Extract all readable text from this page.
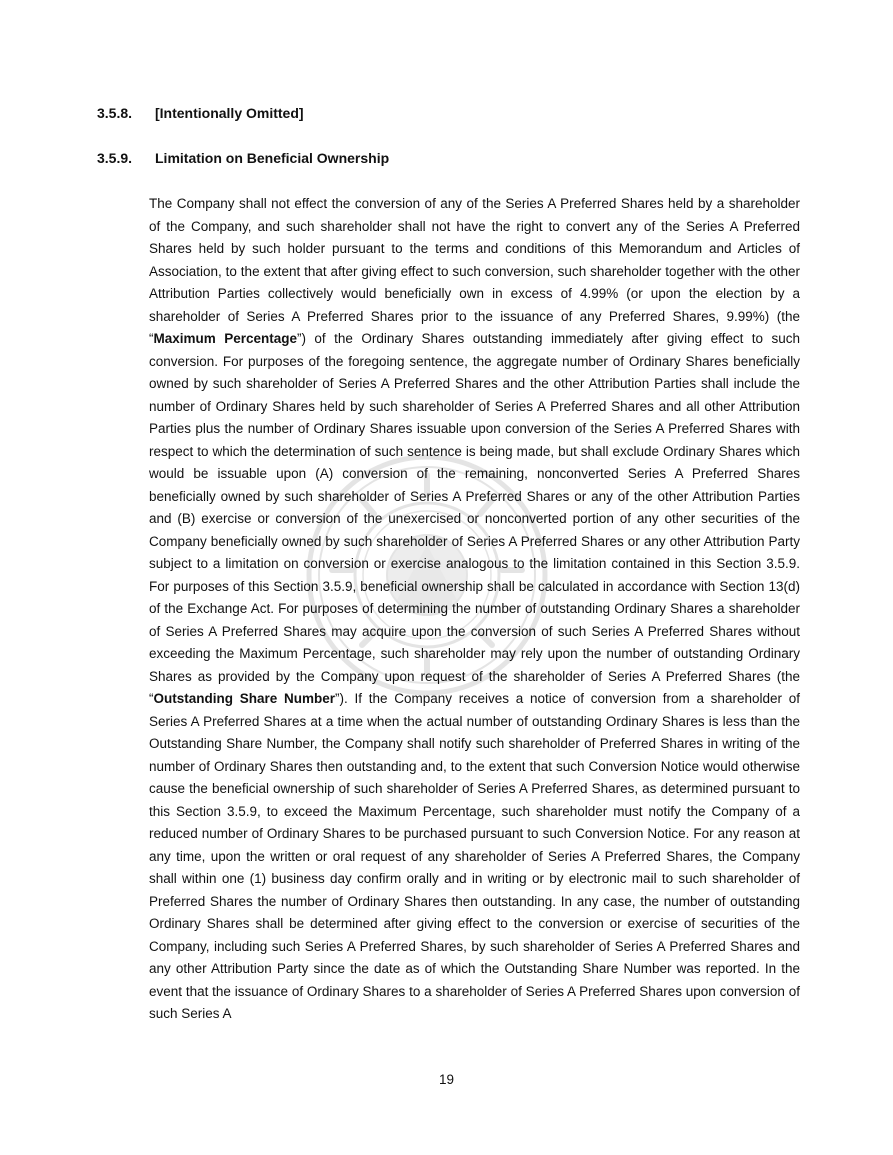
3.5.8. [Intentionally Omitted]
3.5.9. Limitation on Beneficial Ownership

The Company shall not effect the conversion of any of the Series A Preferred Shares held by a shareholder of the Company, and such shareholder shall not have the right to convert any of the Series A Preferred Shares held by such holder pursuant to the terms and conditions of this Memorandum and Articles of Association, to the extent that after giving effect to such conversion, such shareholder together with the other Attribution Parties collectively would beneficially own in excess of 4.99% (or upon the election by a shareholder of Series A Preferred Shares prior to the issuance of any Preferred Shares, 9.99%) (the “Maximum Percentage”) of the Ordinary Shares outstanding immediately after giving effect to such conversion. For purposes of the foregoing sentence, the aggregate number of Ordinary Shares beneficially owned by such shareholder of Series A Preferred Shares and the other Attribution Parties shall include the number of Ordinary Shares held by such shareholder of Series A Preferred Shares and all other Attribution Parties plus the number of Ordinary Shares issuable upon conversion of the Series A Preferred Shares with respect to which the determination of such sentence is being made, but shall exclude Ordinary Shares which would be issuable upon (A) conversion of the remaining, nonconverted Series A Preferred Shares beneficially owned by such shareholder of Series A Preferred Shares or any of the other Attribution Parties and (B) exercise or conversion of the unexercised or nonconverted portion of any other securities of the Company beneficially owned by such shareholder of Series A Preferred Shares or any other Attribution Party subject to a limitation on conversion or exercise analogous to the limitation contained in this Section 3.5.9. For purposes of this Section 3.5.9, beneficial ownership shall be calculated in accordance with Section 13(d) of the Exchange Act. For purposes of determining the number of outstanding Ordinary Shares a shareholder of Series A Preferred Shares may acquire upon the conversion of such Series A Preferred Shares without exceeding the Maximum Percentage, such shareholder may rely upon the number of outstanding Ordinary Shares as provided by the Company upon request of the shareholder of Series A Preferred Shares (the “Outstanding Share Number”). If the Company receives a notice of conversion from a shareholder of Series A Preferred Shares at a time when the actual number of outstanding Ordinary Shares is less than the Outstanding Share Number, the Company shall notify such shareholder of Preferred Shares in writing of the number of Ordinary Shares then outstanding and, to the extent that such Conversion Notice would otherwise cause the beneficial ownership of such shareholder of Series A Preferred Shares, as determined pursuant to this Section 3.5.9, to exceed the Maximum Percentage, such shareholder must notify the Company of a reduced number of Ordinary Shares to be purchased pursuant to such Conversion Notice. For any reason at any time, upon the written or oral request of any shareholder of Series A Preferred Shares, the Company shall within one (1) business day confirm orally and in writing or by electronic mail to such shareholder of Preferred Shares the number of Ordinary Shares then outstanding. In any case, the number of outstanding Ordinary Shares shall be determined after giving effect to the conversion or exercise of securities of the Company, including such Series A Preferred Shares, by such shareholder of Series A Preferred Shares and any other Attribution Party since the date as of which the Outstanding Share Number was reported. In the event that the issuance of Ordinary Shares to a shareholder of Series A Preferred Shares upon conversion of such Series A

19
